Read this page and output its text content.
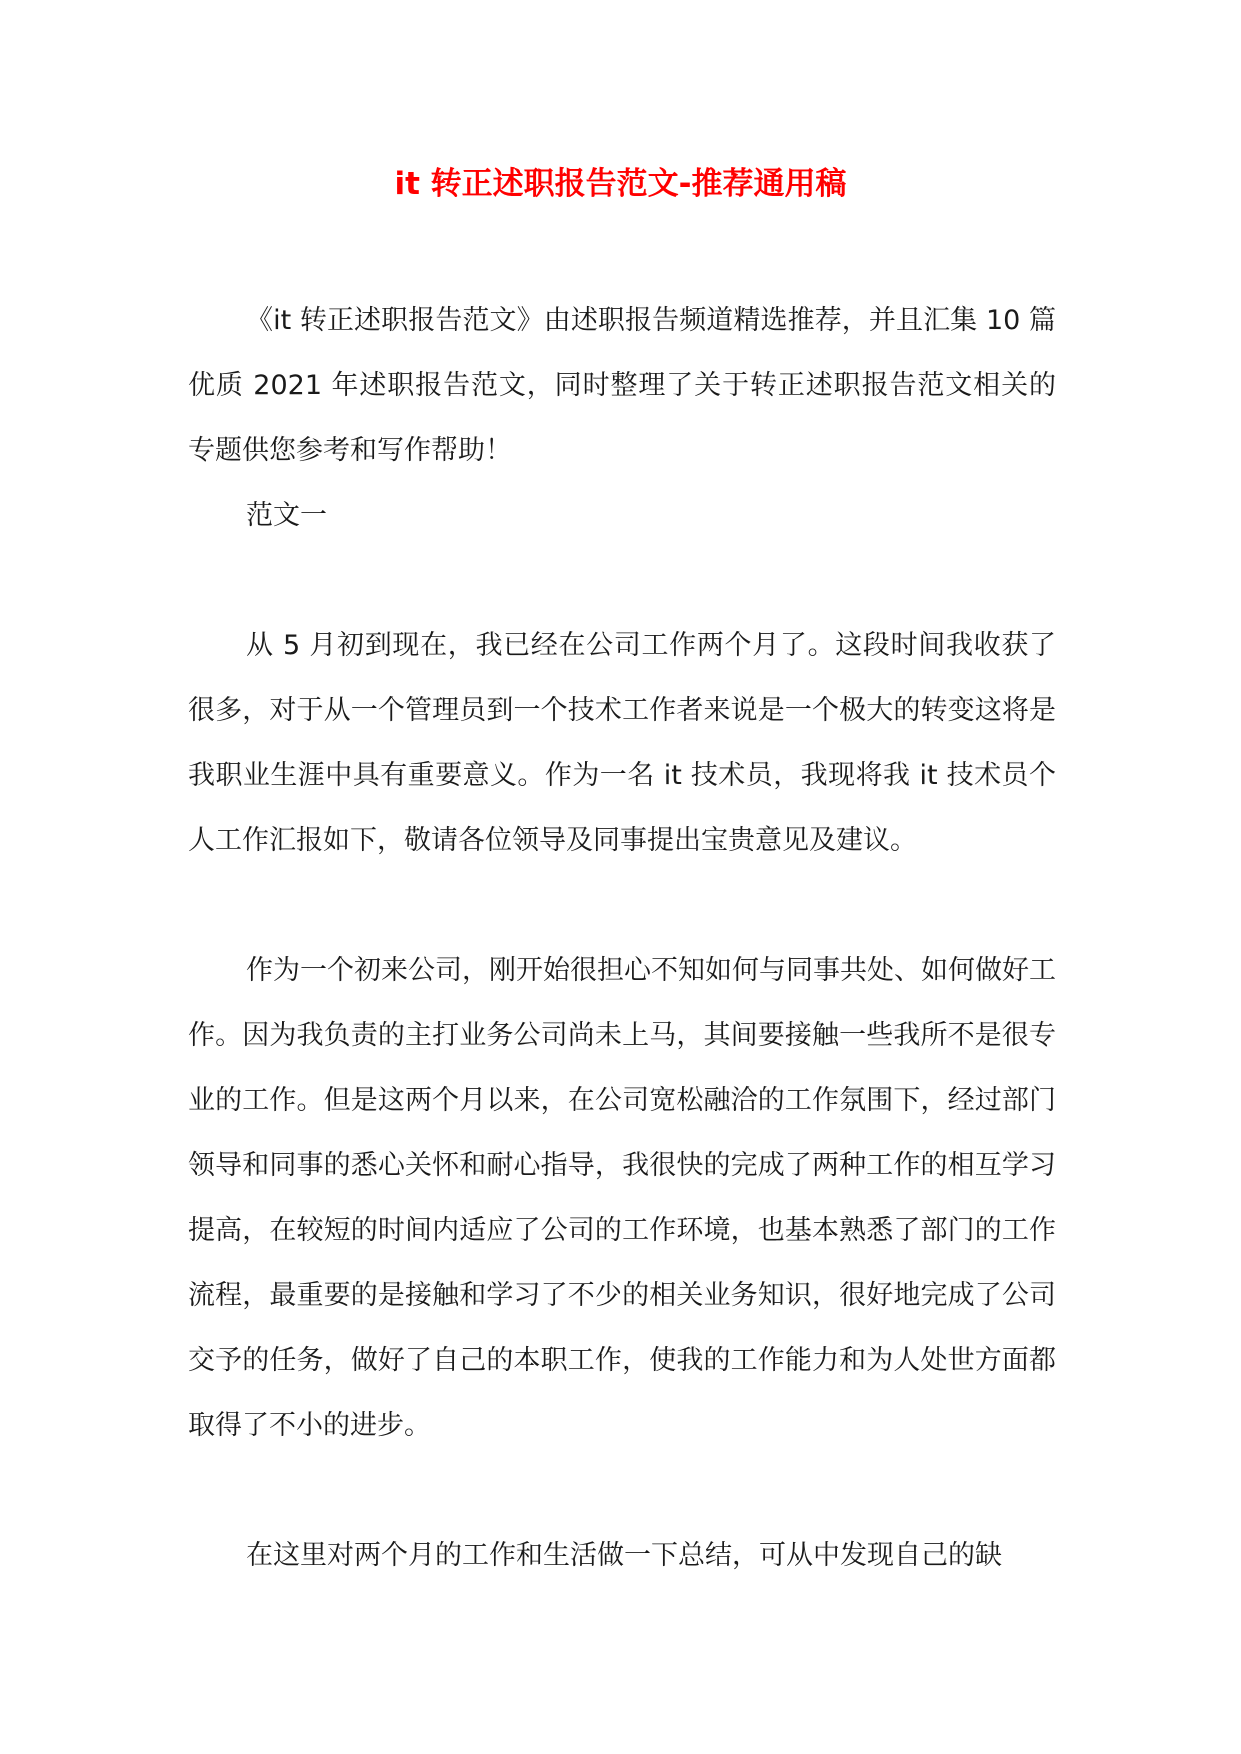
it 转正述职报告范文-推荐通用稿

《it 转正述职报告范文》由述职报告频道精选推荐，并且汇集 10 篇优质 2021 年述职报告范文，同时整理了关于转正述职报告范文相关的专题供您参考和写作帮助！

范文一

从 5 月初到现在，我已经在公司工作两个月了。这段时间我收获了很多，对于从一个管理员到一个技术工作者来说是一个极大的转变这将是我职业生涯中具有重要意义。作为一名 it 技术员，我现将我 it 技术员个人工作汇报如下，敬请各位领导及同事提出宝贵意见及建议。

作为一个初来公司，刚开始很担心不知如何与同事共处、如何做好工作。因为我负责的主打业务公司尚未上马，其间要接触一些我所不是很专业的工作。但是这两个月以来，在公司宽松融洽的工作氛围下，经过部门领导和同事的悉心关怀和耐心指导，我很快的完成了两种工作的相互学习提高，在较短的时间内适应了公司的工作环境，也基本熟悉了部门的工作流程，最重要的是接触和学习了不少的相关业务知识，很好地完成了公司交予的任务，做好了自己的本职工作，使我的工作能力和为人处世方面都取得了不小的进步。

在这里对两个月的工作和生活做一下总结，可从中发现自己的缺
